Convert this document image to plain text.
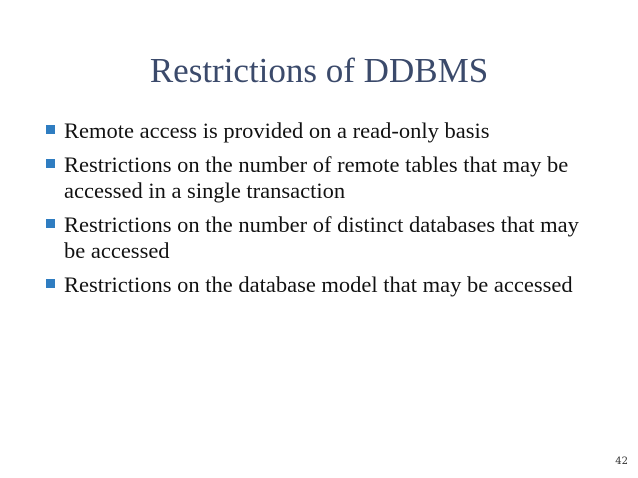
Restrictions of DDBMS
Remote access is provided on a read-only basis
Restrictions on the number of remote tables that may be accessed in a single transaction
Restrictions on the number of distinct databases that may be accessed
Restrictions on the database model that may be accessed
42
